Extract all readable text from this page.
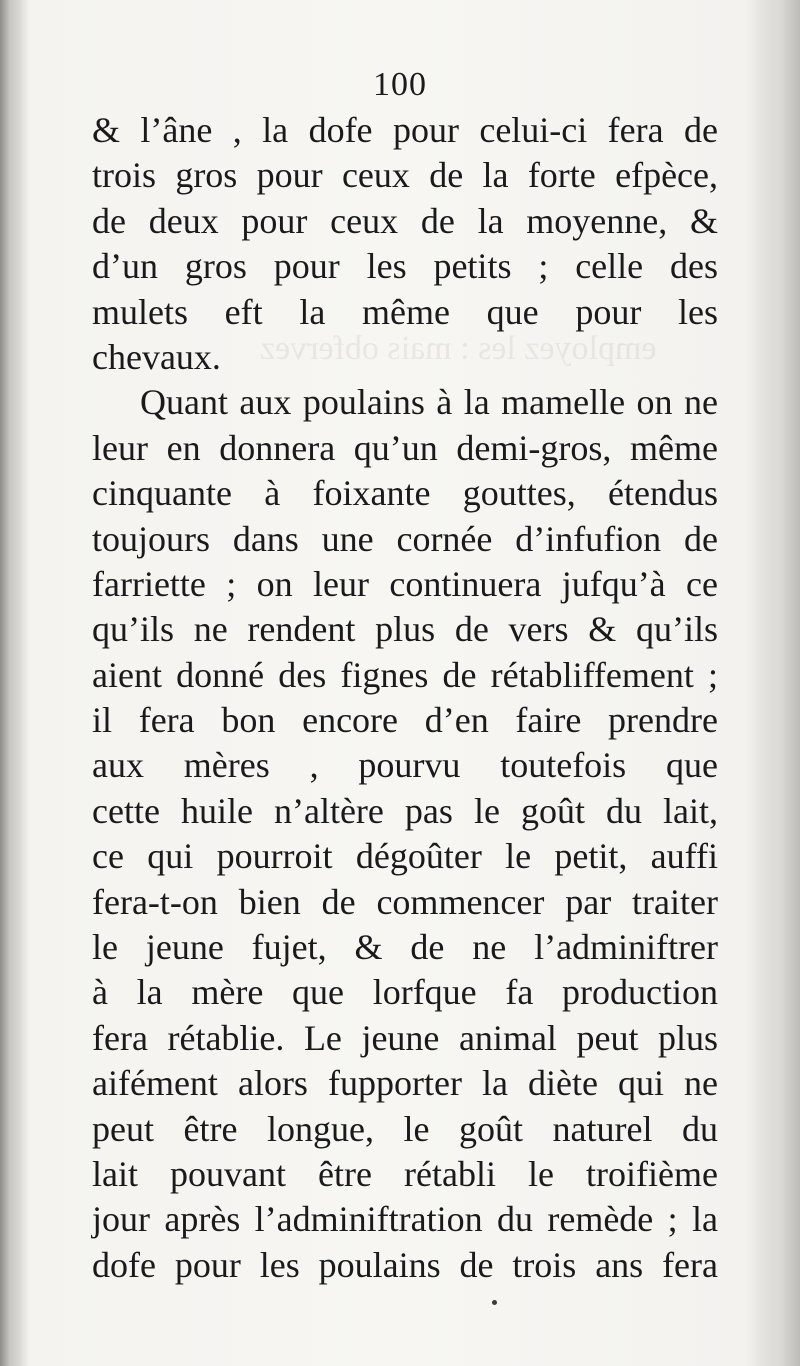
employez les : mais obfervez
100
& l’âne , la dofe pour celui-ci fera de
trois gros pour ceux de la forte efpèce,
de deux pour ceux de la moyenne, &
d’un gros pour les petits ; celle des
mulets eft la même que pour les
chevaux.
Quant aux poulains à la mamelle on ne
leur en donnera qu’un demi-gros, même
cinquante à foixante gouttes, étendus
toujours dans une cornée d’infufion de
farriette ; on leur continuera jufqu’à ce
qu’ils ne rendent plus de vers & qu’ils
aient donné des fignes de rétabliffement ;
il fera bon encore d’en faire prendre
aux mères , pourvu toutefois que
cette huile n’altère pas le goût du lait,
ce qui pourroit dégoûter le petit, auffi
fera-t-on bien de commencer par traiter
le jeune fujet, & de ne l’adminiftrer
à la mère que lorfque fa production
fera rétablie. Le jeune animal peut plus
aifément alors fupporter la diète qui ne
peut être longue, le goût naturel du
lait pouvant être rétabli le troifième
jour après l’adminiftration du remède ; la
dofe pour les poulains de trois ans fera
